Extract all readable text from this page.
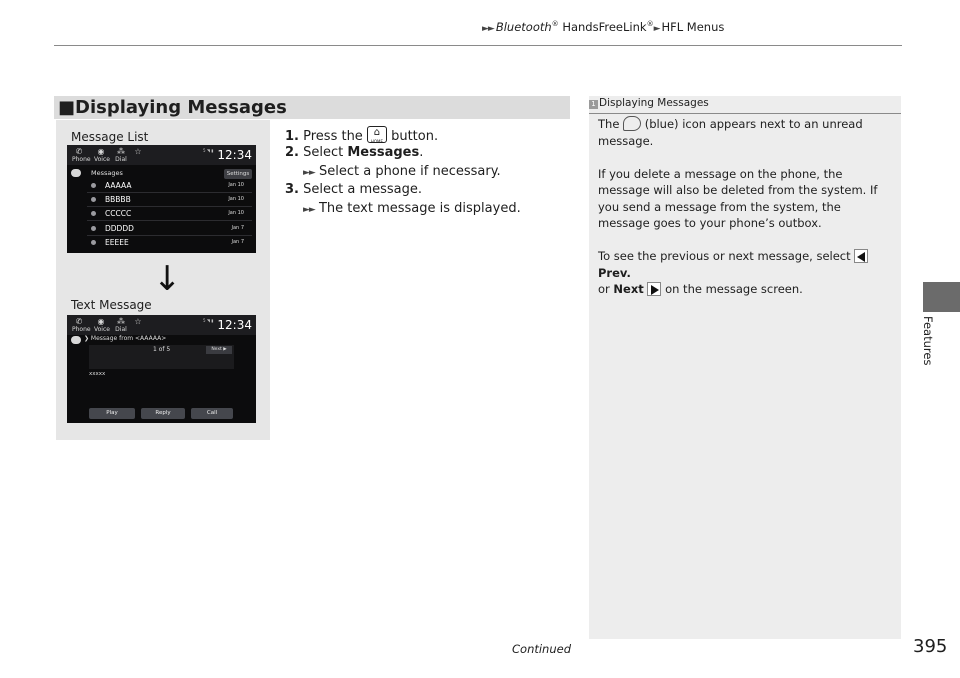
►► Bluetooth® HandsFreeLink®► HFL Menus
Features
■Displaying Messages
Message List
✆
Phone
◉
Voice
⁂
Dial
☆	5 ◥ ▮ 12:34
Messages	Settings
AAAAA	Jan 10
BBBBB	Jan 10
CCCCC	Jan 10
DDDDD	Jan 7
EEEEE	Jan 7
↓
Text Message
✆
Phone
◉
Voice
⁂
Dial
☆	5 ◥ ▮ 12:34
❯ Message from <AAAAA>
1 of 5	Next ▶
xxxxx
Play	Reply	Call
1. Press the	⌂
HOME button.
2. Select Messages.
►► Select a phone if necessary.
3. Select a message.
►► The text message is displayed.
1 Displaying Messages

The (blue) icon appears next to an unread message.

If you delete a message on the phone, the message will also be deleted from the system. If you send a message from the system, the message goes to your phone’s outbox.

To see the previous or next message, select  Prev.
or Next on the message screen.

Continued	395
